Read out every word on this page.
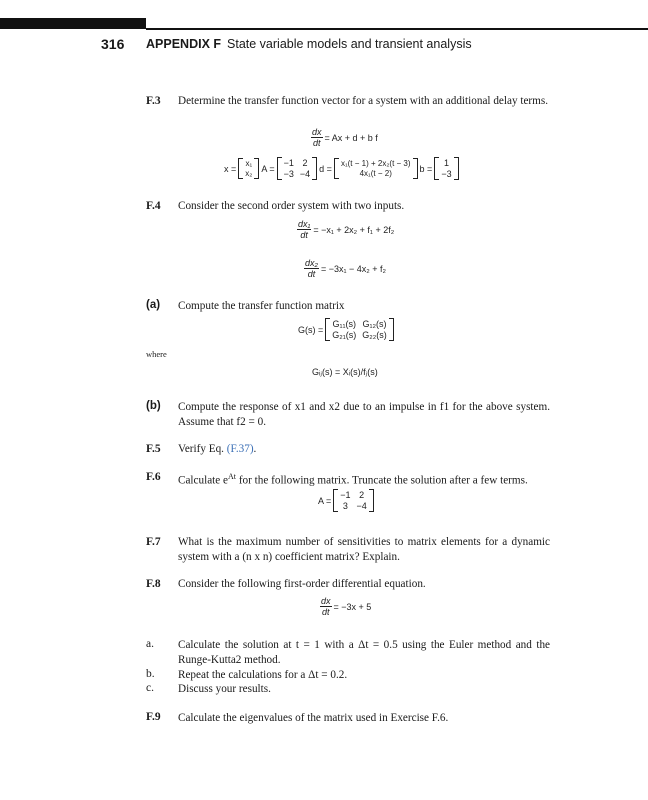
316 APPENDIX F State variable models and transient analysis
F.3 Determine the transfer function vector for a system with an additional delay terms.
$\frac{dx}{dt} = Ax + d + b$ f
x = x₁
x₂ A =
−1 2
−3 −4
d = x₁(t − 1) + 2x₂(t − 3)
4x₁(t − 2)	b =
1
−3
F.4 Consider the second order system with two inputs.
$\frac{\text{dx₁}}{dt} = -x_1 + 2x_2 + f_1 + 2f_2$
$\frac{\text{dx₂}}{dt} = -3x_1 - 4x_2 + f_2$
(a) Compute the transfer function matrix
G(s) =
G₁₁(s) G₁₂(s)
G₂₁(s) G₂₂(s)
where
Gᵢⱼ(s) = Xᵢ(s)/fⱼ(s)
(b) Compute the response of x1 and x2 due to an impulse in f1 for the above system. Assume that f2 = 0.
F.5 Verify Eq. (F.37).
F.6 Calculate $e^{At}$ for the following matrix. Truncate the solution after a few terms.
A =
−1 2
3 −4
F.7 What is the maximum number of sensitivities to matrix elements for a dynamic system with a (n x n) coefficient matrix? Explain.
F.8 Consider the following first-order differential equation.
$\frac{dx}{dt} = -3x + 5$
a. Calculate the solution at t = 1 with a Δt = 0.5 using the Euler method and the Runge-Kutta2 method.
b. Repeat the calculations for a Δt = 0.2.
c. Discuss your results.
F.9 Calculate the eigenvalues of the matrix used in Exercise F.6.
